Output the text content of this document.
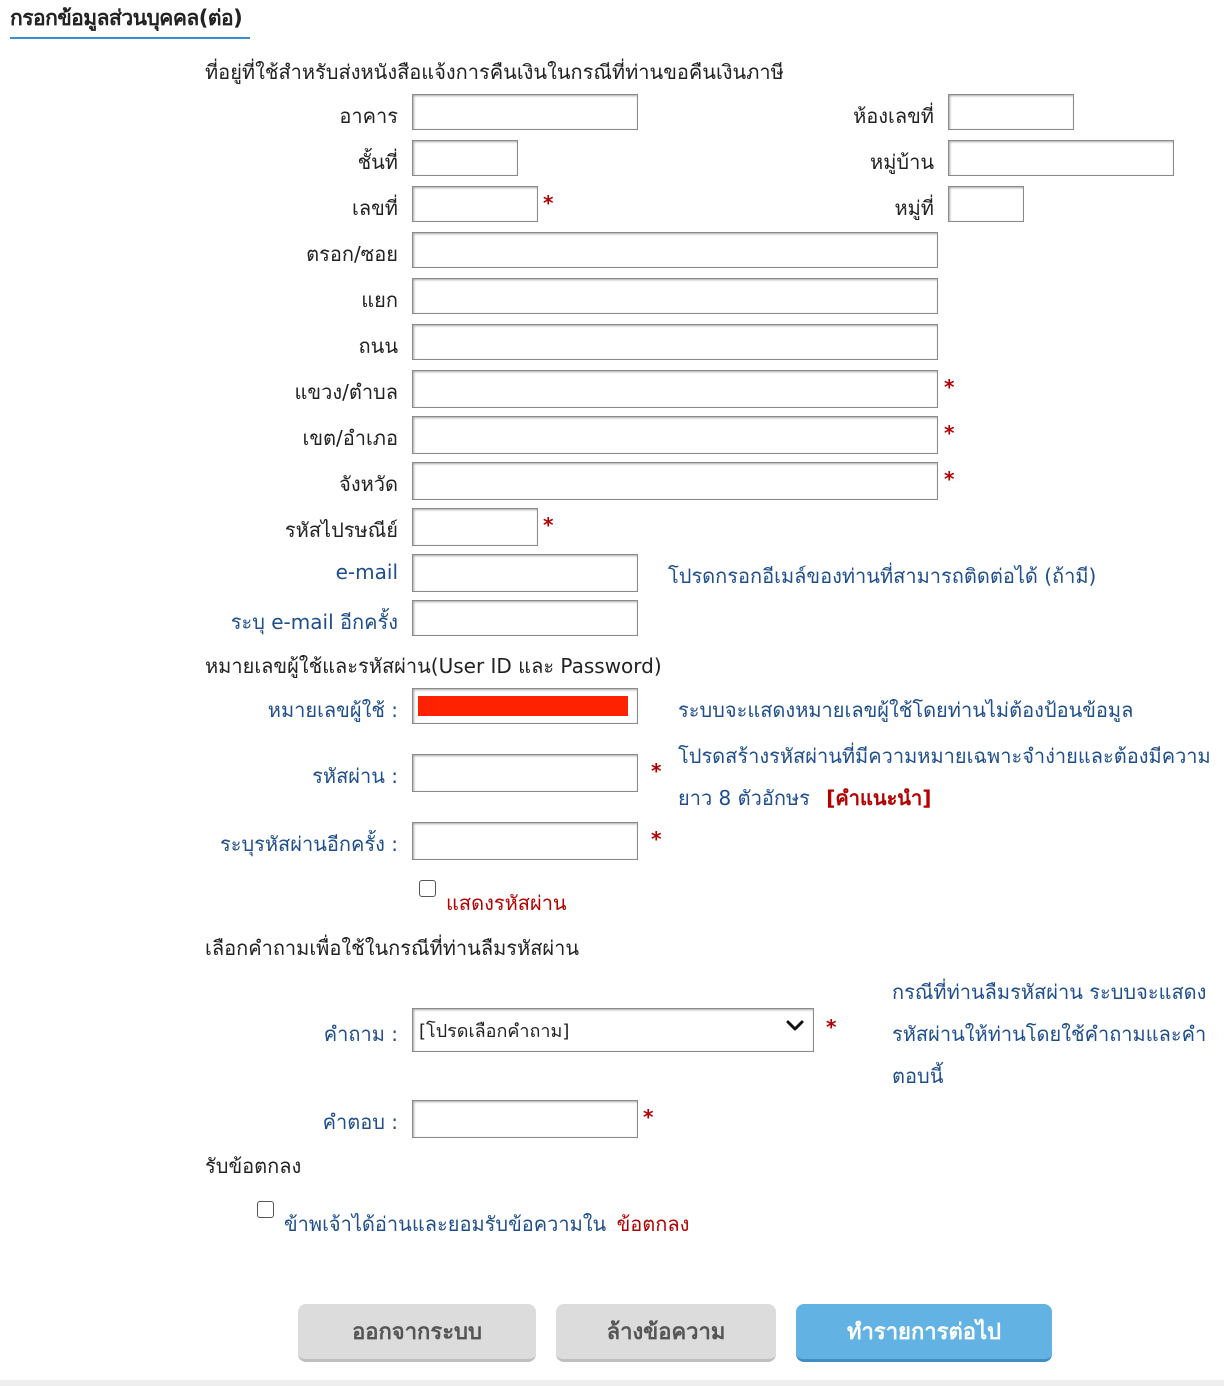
กรอกข้อมูลส่วนบุคคล(ต่อ)
ที่อยู่ที่ใช้สำหรับส่งหนังสือแจ้งการคืนเงินในกรณีที่ท่านขอคืนเงินภาษี
อาคาร	ห้องเลขที่
ชั้นที่	หมู่บ้าน
เลขที่	*	หมู่ที่
ตรอก/ซอย
แยก
ถนน
แขวง/ตำบล	*
เขต/อำเภอ	*
จังหวัด	*
รหัสไปรษณีย์	*
e-mail	โปรดกรอกอีเมล์ของท่านที่สามารถติดต่อได้ (ถ้ามี)
ระบุ e-mail อีกครั้ง
หมายเลขผู้ใช้และรหัสผ่าน(User ID และ Password)
หมายเลขผู้ใช้ :	ระบบจะแสดงหมายเลขผู้ใช้โดยท่านไม่ต้องป้อนข้อมูล
รหัสผ่าน :	*
โปรดสร้างรหัสผ่านที่มีความหมายเฉพาะจำง่ายและต้องมีความ
ยาว 8 ตัวอักษร [คำแนะนำ]
ระบุรหัสผ่านอีกครั้ง :	*
แสดงรหัสผ่าน
เลือกคำถามเพื่อใช้ในกรณีที่ท่านลืมรหัสผ่าน
คำถาม :	[โปรดเลือกคำถาม]	*
กรณีที่ท่านลืมรหัสผ่าน ระบบจะแสดง
รหัสผ่านให้ท่านโดยใช้คำถามและคำ
ตอบนี้
คำตอบ :	*
รับข้อตกลง
ข้าพเจ้าได้อ่านและยอมรับข้อความใน ข้อตกลง
ออกจากระบบ	ล้างข้อความ	ทำรายการต่อไป
